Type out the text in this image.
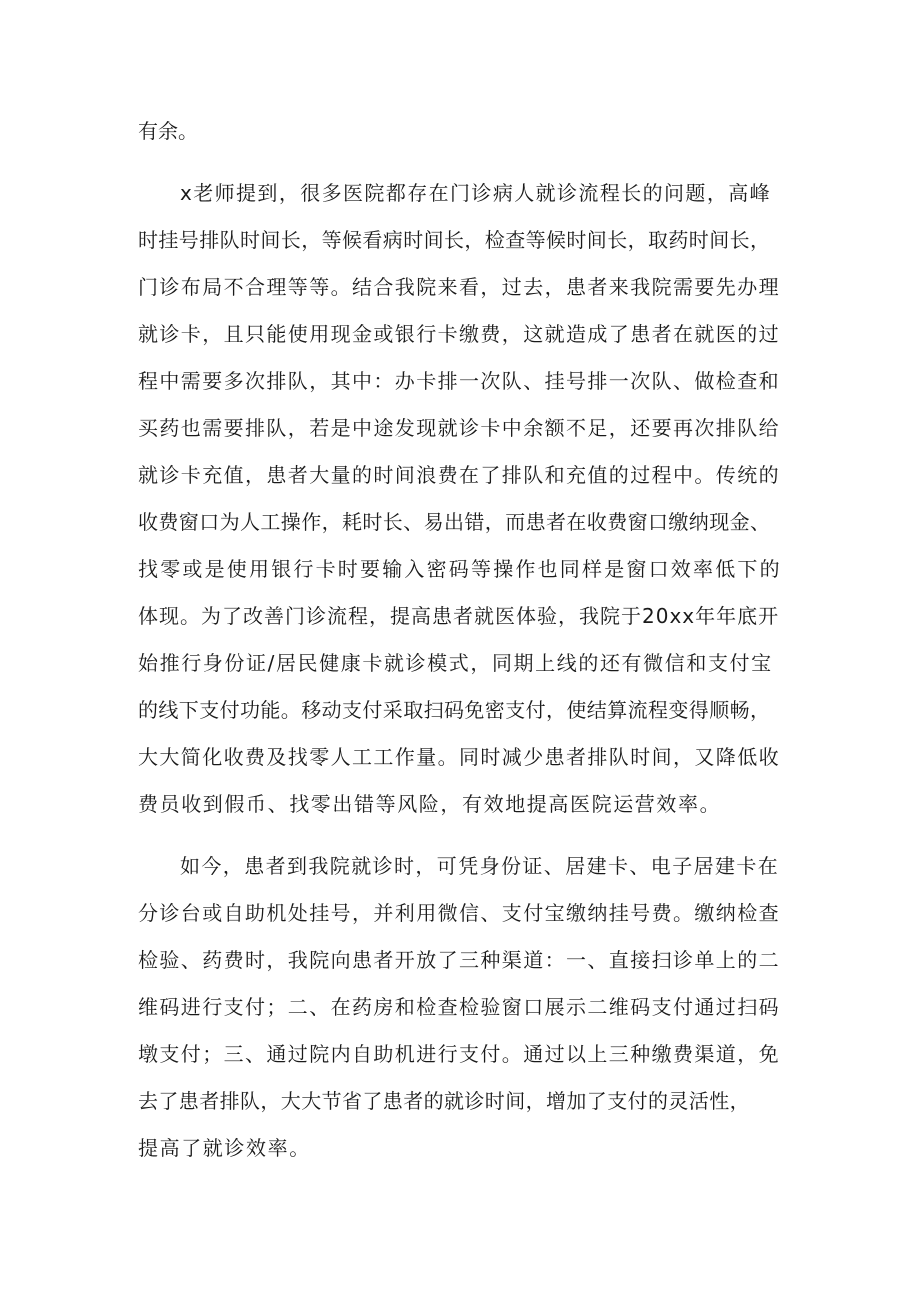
有余。
x老师提到，很多医院都存在门诊病人就诊流程长的问题，高峰
时挂号排队时间长，等候看病时间长，检查等候时间长，取药时间长，
门诊布局不合理等等。结合我院来看，过去，患者来我院需要先办理
就诊卡，且只能使用现金或银行卡缴费，这就造成了患者在就医的过
程中需要多次排队，其中：办卡排一次队、挂号排一次队、做检查和
买药也需要排队，若是中途发现就诊卡中余额不足，还要再次排队给
就诊卡充值，患者大量的时间浪费在了排队和充值的过程中。传统的
收费窗口为人工操作，耗时长、易出错，而患者在收费窗口缴纳现金、
找零或是使用银行卡时要输入密码等操作也同样是窗口效率低下的
体现。为了改善门诊流程，提高患者就医体验，我院于20xx年年底开
始推行身份证/居民健康卡就诊模式，同期上线的还有微信和支付宝
的线下支付功能。移动支付采取扫码免密支付，使结算流程变得顺畅，
大大简化收费及找零人工工作量。同时减少患者排队时间，又降低收
费员收到假币、找零出错等风险，有效地提高医院运营效率。
如今，患者到我院就诊时，可凭身份证、居建卡、电子居建卡在
分诊台或自助机处挂号，并利用微信、支付宝缴纳挂号费。缴纳检查
检验、药费时，我院向患者开放了三种渠道：一、直接扫诊单上的二
维码进行支付；二、在药房和检查检验窗口展示二维码支付通过扫码
墩支付；三、通过院内自助机进行支付。通过以上三种缴费渠道，免
去了患者排队，大大节省了患者的就诊时间，增加了支付的灵活性，
提高了就诊效率。
